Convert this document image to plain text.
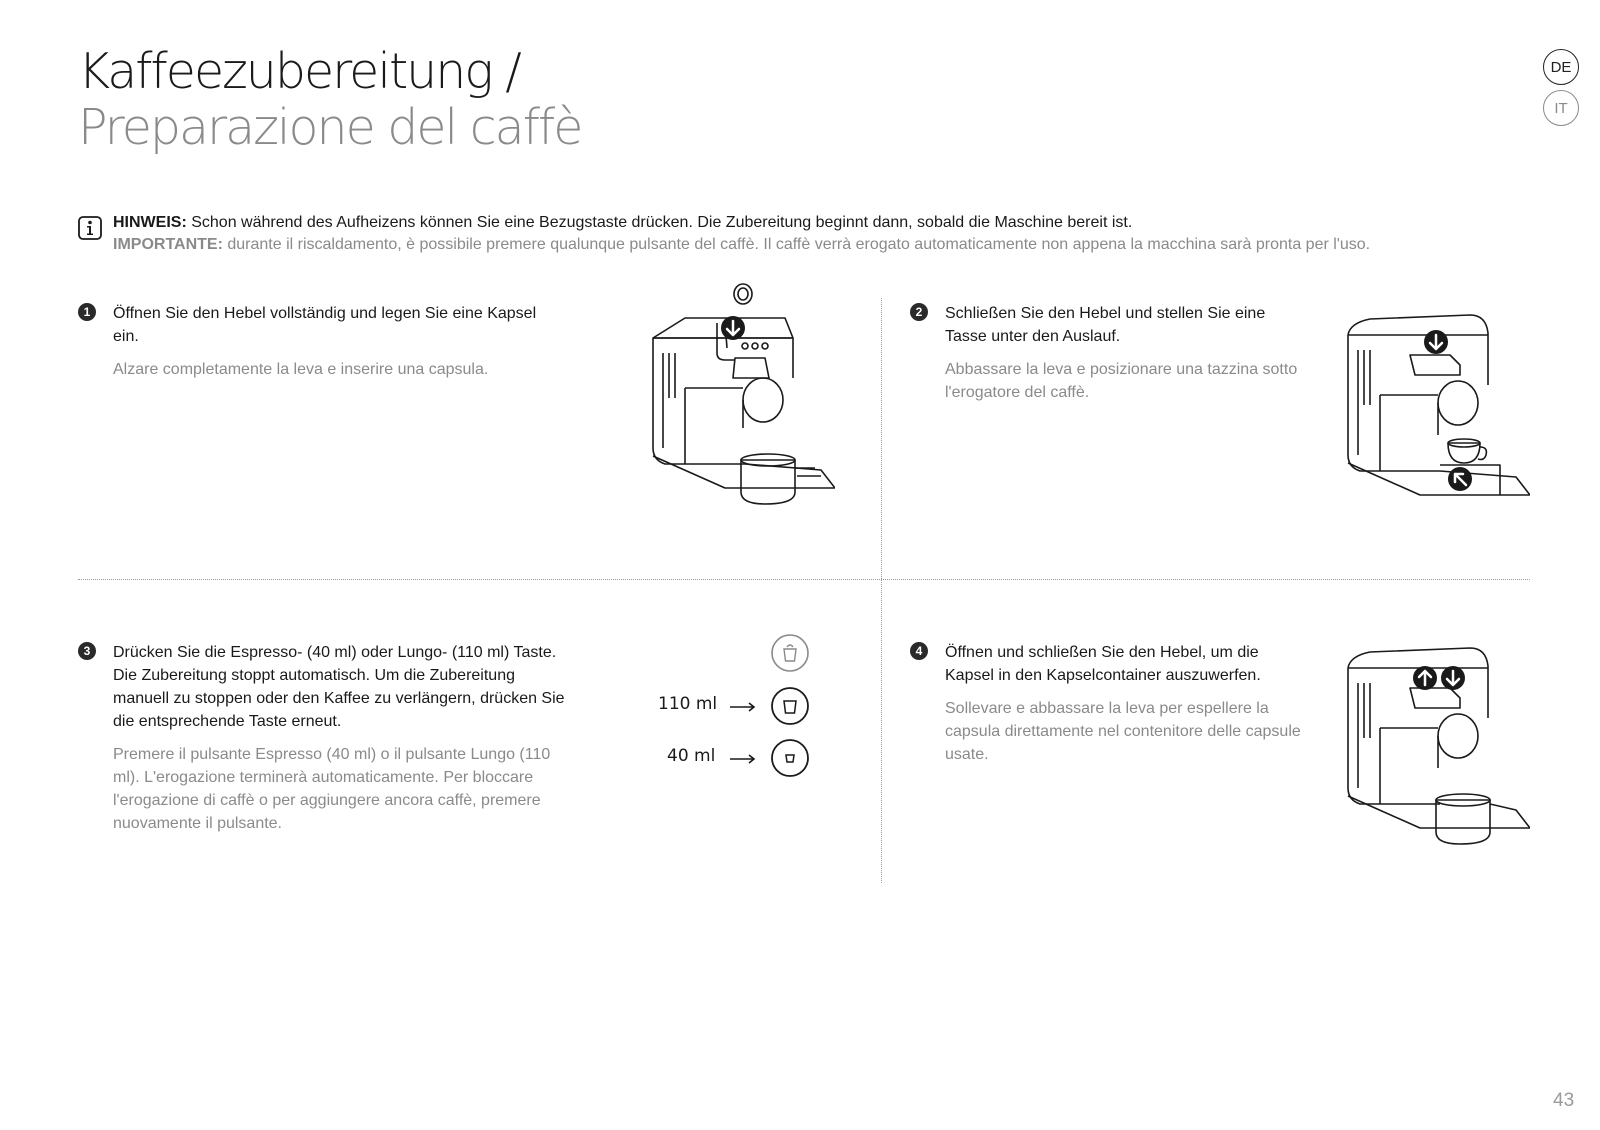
Kaffeezubereitung /
Preparazione del caffè
DE
IT
HINWEIS: Schon während des Aufheizens können Sie eine Bezugstaste drücken. Die Zubereitung beginnt dann, sobald die Maschine bereit ist.
IMPORTANTE: durante il riscaldamento, è possibile premere qualunque pulsante del caffè. Il caffè verrà erogato automaticamente non appena la macchina sarà pronta per l'uso.
1	Öffnen Sie den Hebel vollständig und legen Sie eine Kapsel ein.
Alzare completamente la leva e inserire una capsula.
2	Schließen Sie den Hebel und stellen Sie eine Tasse unter den Auslauf.
Abbassare la leva e posizionare una tazzina sotto l'erogatore del caffè.
3	Drücken Sie die Espresso- (40 ml) oder Lungo- (110 ml) Taste. Die Zubereitung stoppt automatisch. Um die Zubereitung manuell zu stoppen oder den Kaffee zu verlängern, drücken Sie die entsprechende Taste erneut.
Premere il pulsante Espresso (40 ml) o il pulsante Lungo (110 ml). L'erogazione terminerà automaticamente. Per bloccare l'erogazione di caffè o per aggiungere ancora caffè, premere nuovamente il pulsante.
4	Öffnen und schließen Sie den Hebel, um die Kapsel in den Kapselcontainer auszuwerfen.
Sollevare e abbassare la leva per espellere la capsula direttamente nel contenitore delle capsule usate.
110 ml
40 ml
43
